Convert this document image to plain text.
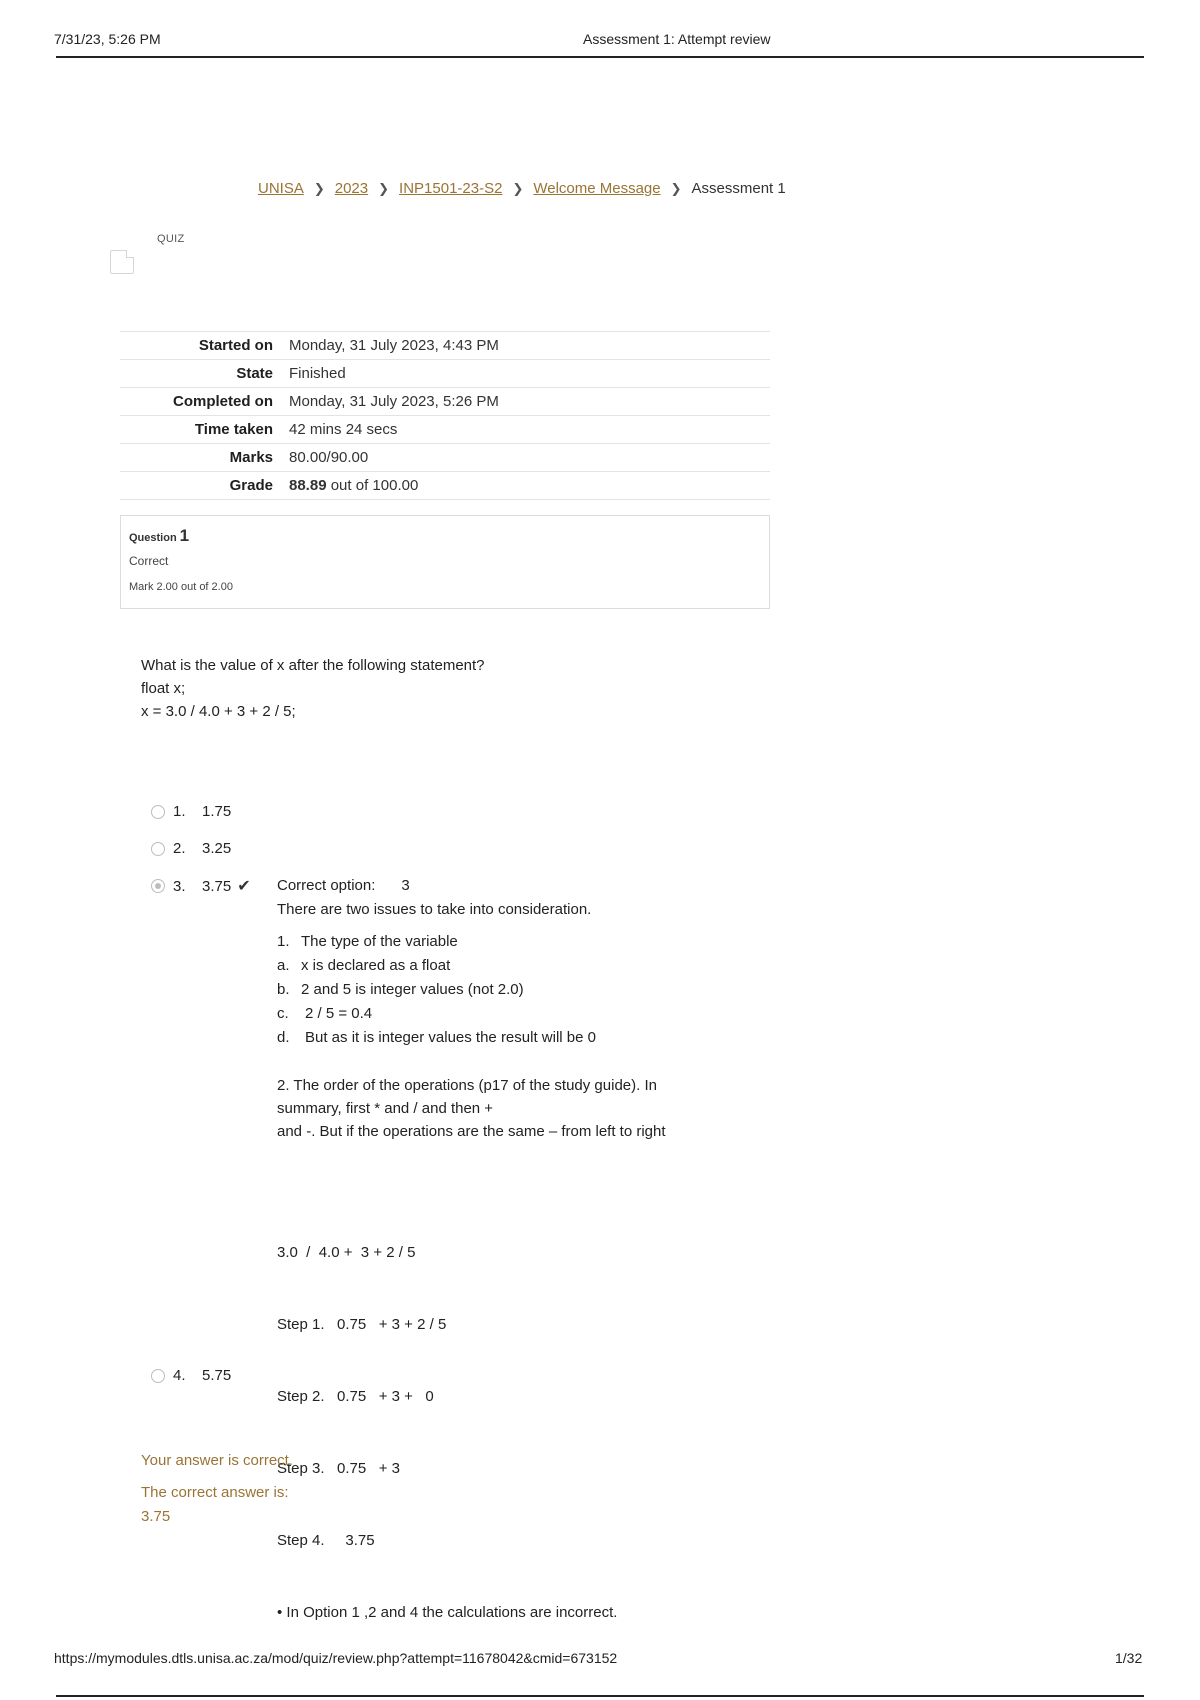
7/31/23, 5:26 PM	Assessment 1: Attempt review
UNISA ❯ 2023 ❯ INP1501-23-S2 ❯ Welcome Message ❯ Assessment 1
QUIZ
Started on	Monday, 31 July 2023, 4:43 PM
State	Finished
Completed on	Monday, 31 July 2023, 5:26 PM
Time taken	42 mins 24 secs
Marks	80.00/90.00
Grade	88.89 out of 100.00
Question 1
Correct
Mark 2.00 out of 2.00
What is the value of x after the following statement?
float x;
x = 3.0 / 4.0 + 3 + 2 / 5;
1.	1.75
2.	3.25
3.	3.75 ✔
4.	5.75
Correct option: 3
There are two issues to take into consideration.
1. The type of the variable
a. x is declared as a float
b. 2 and 5 is integer values (not 2.0)
c. 2 / 5 = 0.4
d. But as it is integer values the result will be 0
2. The order of the operations (p17 of the study guide). In
summary, first * and / and then +
and -. But if the operations are the same – from left to right

3.0  /  4.0 +  3 + 2 / 5

Step 1.   0.75   + 3 + 2 / 5

Step 2.   0.75   + 3 +   0

Step 3.   0.75   + 3

Step 4.     3.75

• In Option 1 ,2 and 4 the calculations are incorrect.

Your answer is correct.
The correct answer is:
3.75
https://mymodules.dtls.unisa.ac.za/mod/quiz/review.php?attempt=11678042&cmid=673152	1/32
